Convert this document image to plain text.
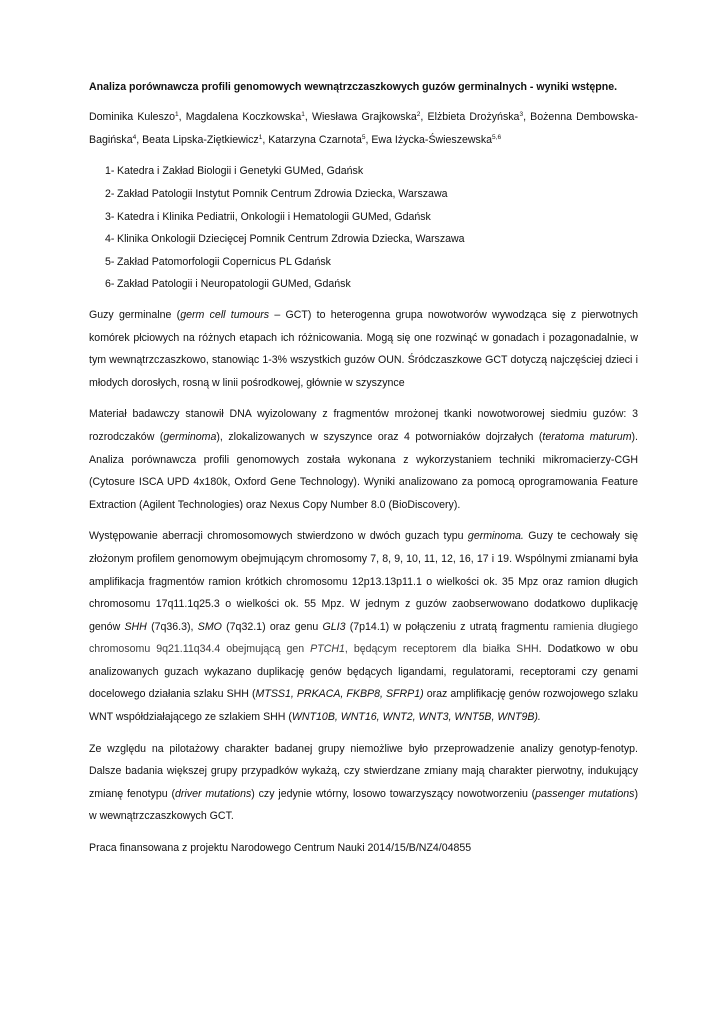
Analiza porównawcza profili genomowych wewnątrzczaszkowych guzów germinalnych - wyniki wstępne.
Dominika Kuleszo$^1$, Magdalena Koczkowska$^1$, Wiesława Grajkowska$^2$, Elżbieta Drożyńska$^3$, Bożenna Dembowska-Bagińska$^4$, Beata Lipska-Ziętkiewicz$^1$, Katarzyna Czarnota$^5$, Ewa Iżycka-Świeszewska$^{5,6}$
1- Katedra i Zakład Biologii i Genetyki GUMed, Gdańsk
2- Zakład Patologii Instytut Pomnik Centrum Zdrowia Dziecka, Warszawa
3- Katedra i Klinika Pediatrii, Onkologii i Hematologii GUMed, Gdańsk
4- Klinika Onkologii Dziecięcej Pomnik Centrum Zdrowia Dziecka, Warszawa
5- Zakład Patomorfologii Copernicus PL Gdańsk
6- Zakład Patologii i Neuropatologii GUMed, Gdańsk

Guzy germinalne (germ cell tumours – GCT) to heterogenna grupa nowotworów wywodząca się z pierwotnych komórek płciowych na różnych etapach ich różnicowania. Mogą się one rozwinąć w gonadach i pozagonadalnie, w tym wewnątrzczaszkowo, stanowiąc 1-3% wszystkich guzów OUN. Śródczaszkowe GCT dotyczą najczęściej dzieci i młodych dorosłych, rosną w linii pośrodkowej, głównie w szyszynce

Materiał badawczy stanowił DNA wyizolowany z fragmentów mrożonej tkanki nowotworowej siedmiu guzów: 3 rozrodczaków (germinoma), zlokalizowanych w szyszynce oraz 4 potworniaków dojrzałych (teratoma maturum). Analiza porównawcza profili genomowych została wykonana z wykorzystaniem techniki mikromacierzy-CGH (Cytosure ISCA UPD 4x180k, Oxford Gene Technology). Wyniki analizowano za pomocą oprogramowania Feature Extraction (Agilent Technologies) oraz Nexus Copy Number 8.0 (BioDiscovery).

Występowanie aberracji chromosomowych stwierdzono w dwóch guzach typu germinoma. Guzy te cechowały się złożonym profilem genomowym obejmującym chromosomy 7, 8, 9, 10, 11, 12, 16, 17 i 19. Wspólnymi zmianami była amplifikacja fragmentów ramion krótkich chromosomu 12p13.13p11.1 o wielkości ok. 35 Mpz oraz ramion długich chromosomu 17q11.1q25.3 o wielkości ok. 55 Mpz. W jednym z guzów zaobserwowano dodatkowo duplikację genów SHH (7q36.3), SMO (7q32.1) oraz genu GLI3 (7p14.1) w połączeniu z utratą fragmentu ramienia długiego chromosomu 9q21.11q34.4 obejmującą gen PTCH1, będącym receptorem dla białka SHH. Dodatkowo w obu analizowanych guzach wykazano duplikację genów będących ligandami, regulatorami, receptorami czy genami docelowego działania szlaku SHH (MTSS1, PRKACA, FKBP8, SFRP1) oraz amplifikację genów rozwojowego szlaku WNT współdziałającego ze szlakiem SHH (WNT10B, WNT16, WNT2, WNT3, WNT5B, WNT9B).

Ze względu na pilotażowy charakter badanej grupy niemożliwe było przeprowadzenie analizy genotyp-fenotyp. Dalsze badania większej grupy przypadków wykażą, czy stwierdzane zmiany mają charakter pierwotny, indukujący zmianę fenotypu (driver mutations) czy jedynie wtórny, losowo towarzyszący nowotworzeniu (passenger mutations) w wewnątrzczaszkowych GCT.

Praca finansowana z projektu Narodowego Centrum Nauki 2014/15/B/NZ4/04855
